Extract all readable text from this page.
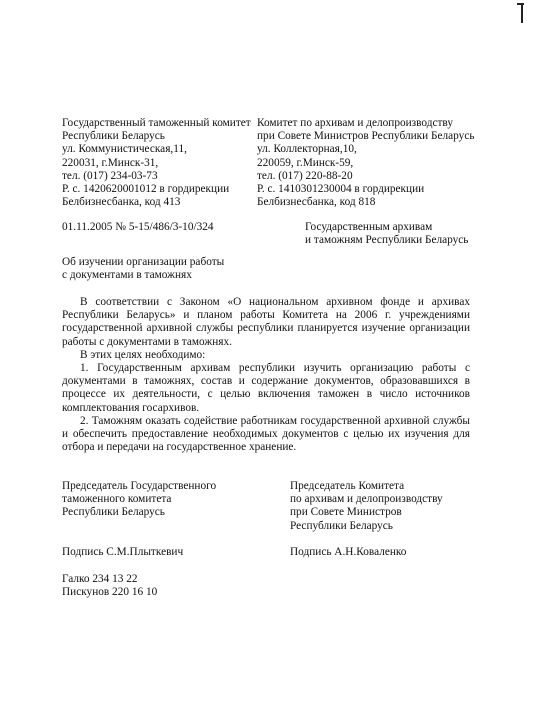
Государственный таможенный комитет
Республики Беларусь
ул. Коммунистическая,11,
220031, г.Минск-31,
тел. (017) 234-03-73
Р. с. 1420620001012 в гордирекции
Белбизнесбанка, код 413
Комитет по архивам и делопроизводству
при Совете Министров Республики Беларусь
ул. Коллекторная,10,
220059, г.Минск-59,
тел. (017) 220-88-20
Р. с. 1410301230004 в гордирекции
Белбизнесбанка, код 818
01.11.2005 № 5-15/486/3-10/324	Государственным архивам
и таможням Республики Беларусь
Об изучении организации работы
с документами в таможнях

В соответствии с Законом «О национальном архивном фонде и архивах Республики Беларусь» и планом работы Комитета на 2006 г. учреждениями государственной архивной службы республики планируется изучение организации работы с документами в таможнях.

В этих целях необходимо:

1. Государственным архивам республики изучить организацию работы с документами в таможнях, состав и содержание документов, образовавшихся в процессе их деятельности, с целью включения таможен в число источников комплектования госархивов.

2. Таможням оказать содействие работникам государственной архивной службы и обеспечить предоставление необходимых документов с целью их изучения для отбора и передачи на государственное хранение.

Председатель Государственного
таможенного комитета
Республики Беларусь
Председатель Комитета
по архивам и делопроизводству
при Совете Министров
Республики Беларусь
Подпись С.М.Плыткевич	Подпись А.Н.Коваленко
Галко 234 13 22
Пискунов 220 16 10
